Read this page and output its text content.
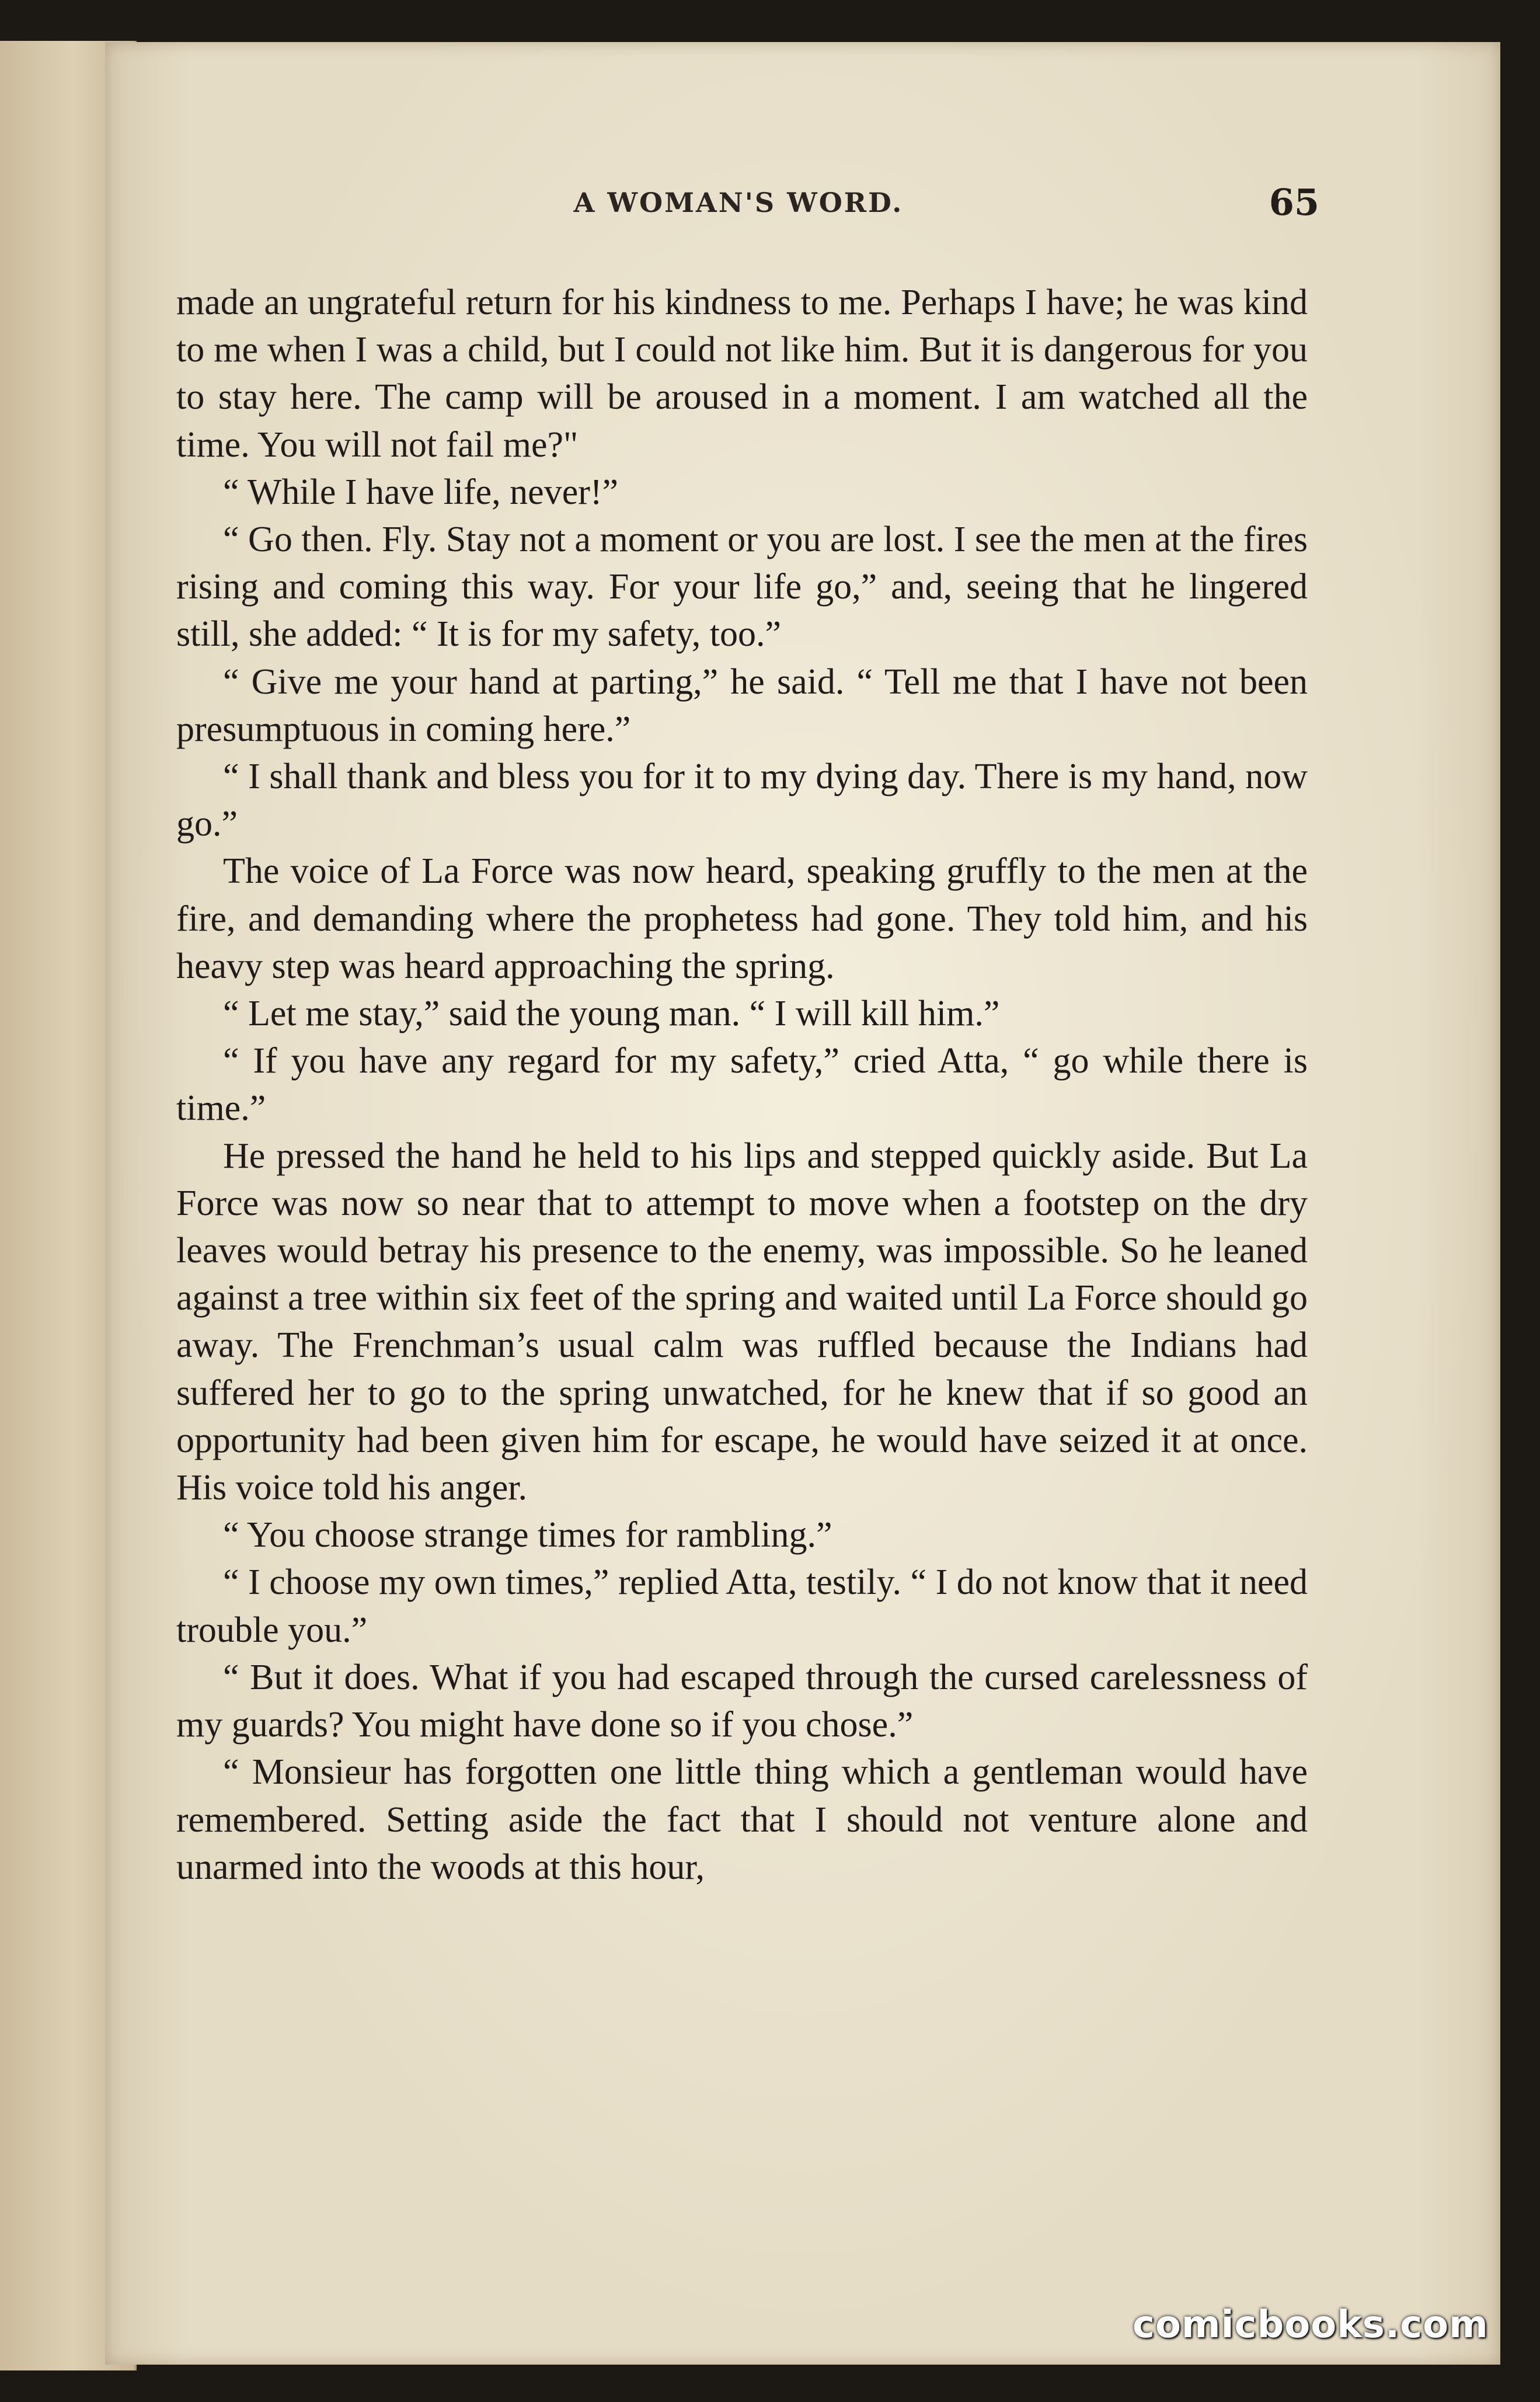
A WOMAN'S WORD.	65

made an ungrateful return for his kindness to me. Perhaps I have; he was kind to me when I was a child, but I could not like him. But it is dangerous for you to stay here. The camp will be aroused in a moment. I am watched all the time. You will not fail me?"

“ While I have life, never!”

“ Go then. Fly. Stay not a moment or you are lost. I see the men at the fires rising and coming this way. For your life go,” and, seeing that he lingered still, she added: “ It is for my safety, too.”

“ Give me your hand at parting,” he said. “ Tell me that I have not been presumptuous in coming here.”

“ I shall thank and bless you for it to my dying day. There is my hand, now go.”

The voice of La Force was now heard, speaking gruffly to the men at the fire, and demanding where the prophetess had gone. They told him, and his heavy step was heard approaching the spring.

“ Let me stay,” said the young man. “ I will kill him.”

“ If you have any regard for my safety,” cried Atta, “ go while there is time.”

He pressed the hand he held to his lips and stepped quickly aside. But La Force was now so near that to attempt to move when a footstep on the dry leaves would betray his presence to the enemy, was impossible. So he leaned against a tree within six feet of the spring and waited until La Force should go away. The Frenchman’s usual calm was ruffled because the Indians had suffered her to go to the spring unwatched, for he knew that if so good an opportunity had been given him for escape, he would have seized it at once. His voice told his anger.

“ You choose strange times for rambling.”

“ I choose my own times,” replied Atta, testily. “ I do not know that it need trouble you.”

“ But it does. What if you had escaped through the cursed carelessness of my guards? You might have done so if you chose.”

“ Monsieur has forgotten one little thing which a gentleman would have remembered. Setting aside the fact that I should not venture alone and unarmed into the woods at this hour,

comicbooks.com
